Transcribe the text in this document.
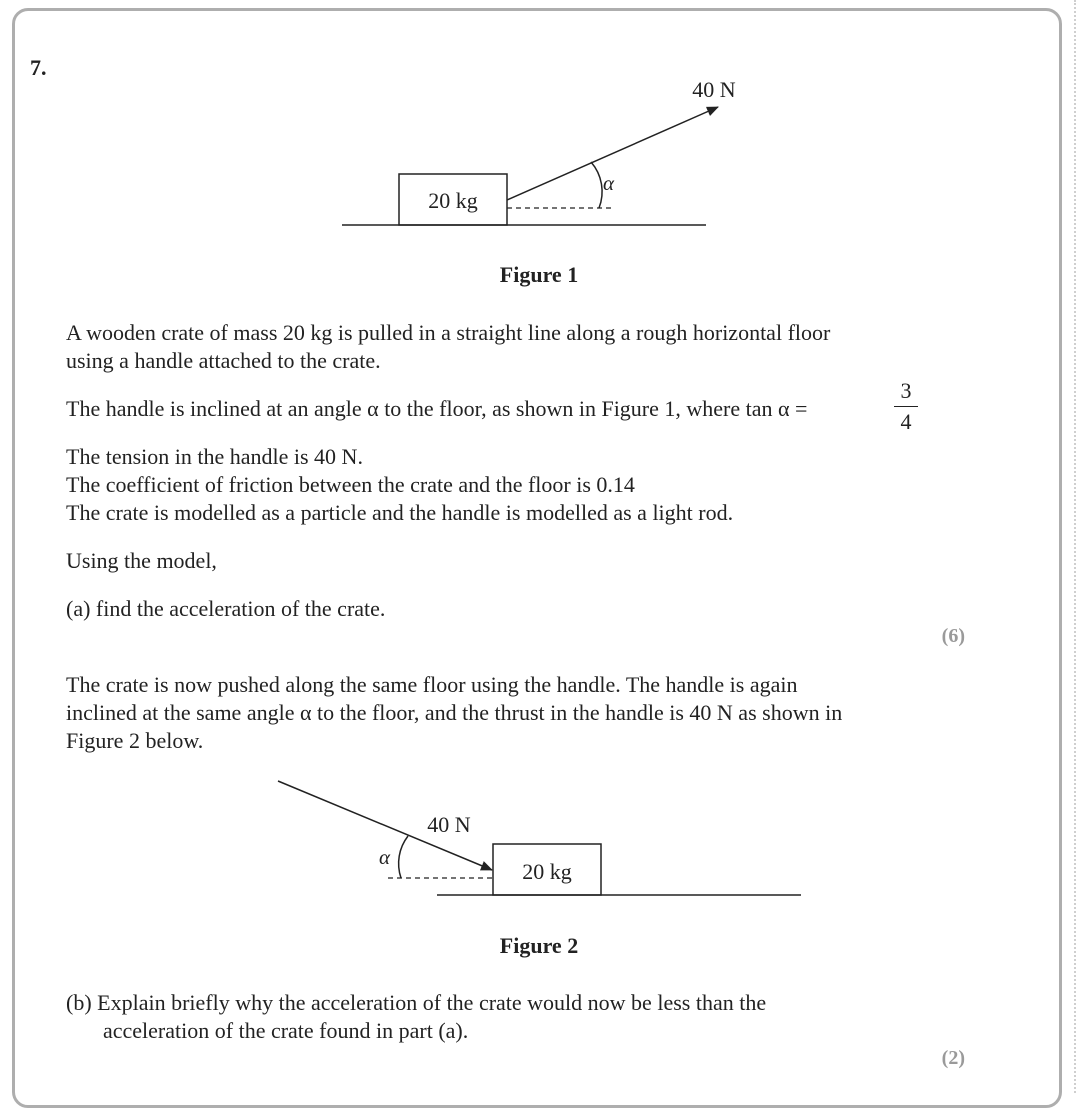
7.

20 kg
α
40 N

Figure 1

A wooden crate of mass 20 kg is pulled in a straight line along a rough horizontal floor

using a handle attached to the crate.

The handle is inclined at an angle α to the floor, as shown in Figure 1, where tan α =

3
4

The tension in the handle is 40 N.

The coefficient of friction between the crate and the floor is 0.14

The crate is modelled as a particle and the handle is modelled as a light rod.

Using the model,

(a) find the acceleration of the crate.

(6)

The crate is now pushed along the same floor using the handle. The handle is again

inclined at the same angle α to the floor, and the thrust in the handle is 40 N as shown in

Figure 2 below.

20 kg
α
40 N

Figure 2

(b) Explain briefly why the acceleration of the crate would now be less than the

acceleration of the crate found in part (a).

(2)
